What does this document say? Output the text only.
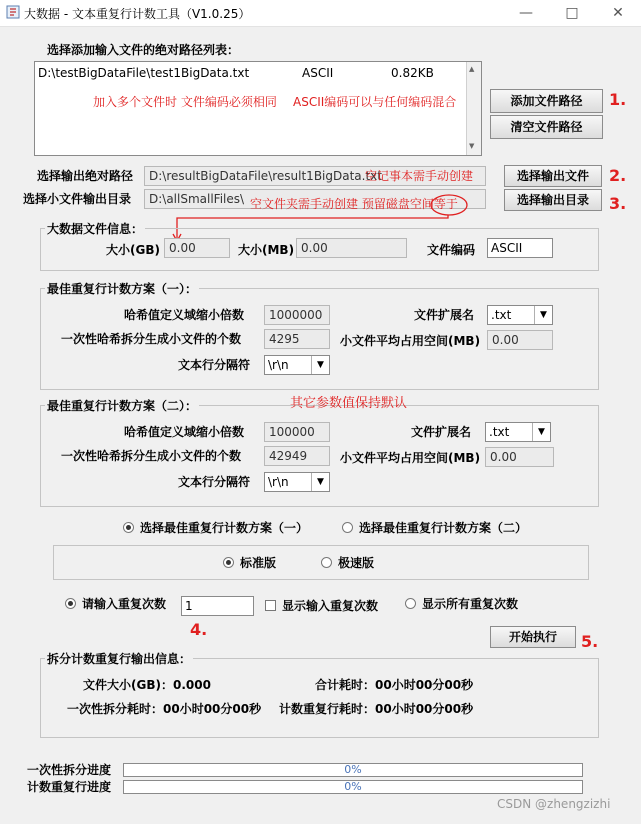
大数据 - 文本重复行计数工具（V1.0.25）	—	□	✕
选择添加输入文件的绝对路径列表：
D:\testBigDataFile\test1BigData.txt	ASCII	0.82KB
加入多个文件时 文件编码必须相同 ASCII编码可以与任何编码混合
▲
▼
添加文件路径	1.
清空文件路径
选择输出绝对路径	D:\resultBigDataFile\result1BigData.txt
空记事本需手动创建	选择输出文件	2.
选择小文件输出目录	D:\allSmallFiles\ 空文件夹需手动创建 预留磁盘空间等于	选择输出目录	3.
大数据文件信息：
大小(GB) 0.00	大小(MB) 0.00	文件编码	ASCII
最佳重复行计数方案（一）：
哈希值定义域缩小倍数	1000000	文件扩展名 .txt	▼
一次性哈希拆分生成小文件的个数	4295	小文件平均占用空间(MB) 0.00
文本行分隔符 \r\n	▼
最佳重复行计数方案（二）：	其它参数值保持默认
哈希值定义域缩小倍数	100000	文件扩展名 .txt	▼
一次性哈希拆分生成小文件的个数	42949	小文件平均占用空间(MB) 0.00
文本行分隔符 \r\n	▼
选择最佳重复行计数方案（一）	选择最佳重复行计数方案（二）
标准版	极速版
请输入重复次数	1	显示输入重复次数	显示所有重复次数
4.	开始执行	5.
拆分计数重复行输出信息：
文件大小(GB)：0.000	合计耗时：00小时00分00秒
一次性拆分耗时：00小时00分00秒 计数重复行耗时：00小时00分00秒
一次性拆分进度	0%
计数重复行进度	0%
CSDN @zhengzizhi
